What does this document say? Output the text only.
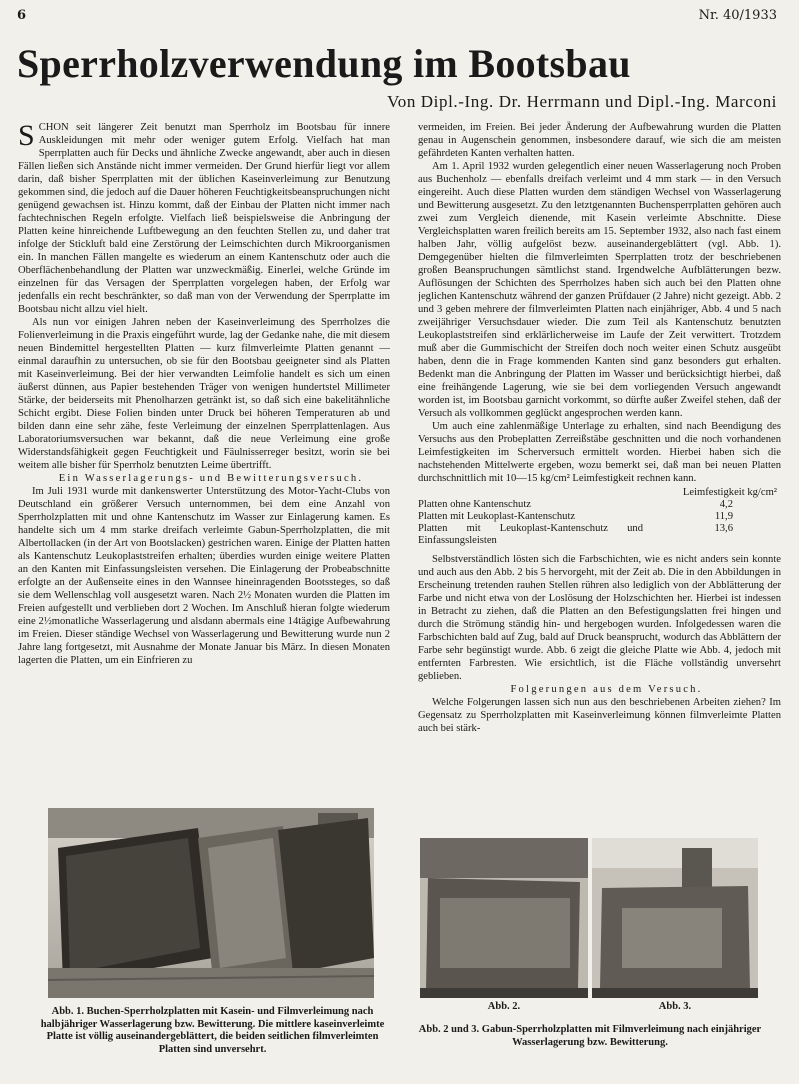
6	Nr. 40/1933
Sperrholzverwendung im Bootsbau
Von Dipl.-Ing. Dr. Herrmann und Dipl.-Ing. Marconi

SCHON seit längerer Zeit benutzt man Sperrholz im Bootsbau für innere Auskleidungen mit mehr oder weniger gutem Erfolg. Vielfach hat man Sperrplatten auch für Decks und ähnliche Zwecke angewandt, aber auch in diesen Fällen ließen sich Anstände nicht immer vermeiden. Der Grund hierfür liegt vor allem darin, daß bisher Sperrplatten mit der üblichen Kaseinverleimung zur Benutzung gekommen sind, die jedoch auf die Dauer höheren Feuchtigkeitsbeanspruchungen nicht genügend gewachsen ist. Hinzu kommt, daß der Einbau der Platten nicht immer nach fachtechnischen Regeln erfolgte. Vielfach ließ beispielsweise die Anbringung der Platten keine hinreichende Luftbewegung an den feuchten Stellen zu, und daher trat infolge der Stickluft bald eine Zerstörung der Leimschichten durch Mikroorganismen ein. In manchen Fällen mangelte es wiederum an einem Kantenschutz oder auch die Oberflächenbehandlung der Platten war unzweckmäßig. Einerlei, welche Gründe im einzelnen für das Versagen der Sperrplatten vorgelegen haben, der Erfolg war jedenfalls ein recht beschränkter, so daß man von der Verwendung der Sperrplatte im Bootsbau nicht allzu viel hielt.

Als nun vor einigen Jahren neben der Kaseinverleimung des Sperrholzes die Folienverleimung in die Praxis eingeführt wurde, lag der Gedanke nahe, die mit diesem neuen Bindemittel hergestellten Platten — kurz filmverleimte Platten genannt — einmal daraufhin zu untersuchen, ob sie für den Bootsbau geeigneter sind als Platten mit Kaseinverleimung. Bei der hier verwandten Leimfolie handelt es sich um einen äußerst dünnen, aus Papier bestehenden Träger von wenigen hundertstel Millimeter Stärke, der beiderseits mit Phenolharzen getränkt ist, so daß sich eine bakelitähnliche Schicht ergibt. Diese Folien binden unter Druck bei höheren Temperaturen ab und bilden dann eine sehr zähe, feste Verleimung der einzelnen Sperrplattenlagen. Aus Laboratoriumsversuchen war bekannt, daß die neue Verleimung eine große Widerstandsfähigkeit gegen Feuchtigkeit und Fäulnisserreger besitzt, worin sie bei weitem alle bisher für Sperrholz benutzten Leime übertrifft.

Ein Wasserlagerungs- und Bewitterungsversuch.

Im Juli 1931 wurde mit dankenswerter Unterstützung des Motor-Yacht-Clubs von Deutschland ein größerer Versuch unternommen, bei dem eine Anzahl von Sperrholzplatten mit und ohne Kantenschutz im Wasser zur Einlagerung kamen. Es handelte sich um 4 mm starke dreifach verleimte Gabun-Sperrholzplatten, die mit Albertollacken (in der Art von Bootslacken) gestrichen waren. Einige der Platten hatten als Kantenschutz Leukoplaststreifen erhalten; überdies wurden einige weitere Platten an den Kanten mit Einfassungsleisten versehen. Die Einlagerung der Probeabschnitte erfolgte an der Außenseite eines in den Wannsee hineinragenden Bootssteges, so daß sie dem Wellenschlag voll ausgesetzt waren. Nach 2½ Monaten wurden die Platten im Freien aufgestellt und verblieben dort 2 Wochen. Im Anschluß hieran folgte wiederum eine 2½monatliche Wasserlagerung und alsdann abermals eine 14tägige Aufbewahrung im Freien. Dieser ständige Wechsel von Wasserlagerung und Bewitterung wurde nun 2 Jahre lang fortgesetzt, mit Ausnahme der Monate Januar bis März. In diesen Monaten lagerten die Platten, um ein Einfrieren zu

vermeiden, im Freien. Bei jeder Änderung der Aufbewahrung wurden die Platten genau in Augenschein genommen, insbesondere darauf, wie sich die am meisten gefährdeten Kanten verhalten hatten.

Am 1. April 1932 wurden gelegentlich einer neuen Wasserlagerung noch Proben aus Buchenholz — ebenfalls dreifach verleimt und 4 mm stark — in den Versuch eingereiht. Auch diese Platten wurden dem ständigen Wechsel von Wasserlagerung und Bewitterung ausgesetzt. Zu den letztgenannten Buchensperrplatten gehören auch zwei zum Vergleich dienende, mit Kasein verleimte Abschnitte. Diese Vergleichsplatten waren freilich bereits am 15. September 1932, also nach fast einem halben Jahr, völlig aufgelöst bezw. auseinandergeblättert (vgl. Abb. 1). Demgegenüber hielten die filmverleimten Sperrplatten trotz der beschriebenen großen Beanspruchungen sämtlichst stand. Irgendwelche Aufblätterungen bezw. Auflösungen der Schichten des Sperrholzes haben sich auch bei den Platten ohne jeglichen Kantenschutz während der ganzen Prüfdauer (2 Jahre) nicht gezeigt. Abb. 2 und 3 geben mehrere der filmverleimten Platten nach einjähriger, Abb. 4 und 5 nach zweijähriger Versuchsdauer wieder. Die zum Teil als Kantenschutz benutzten Leukoplaststreifen sind erklärlicherweise im Laufe der Zeit verwittert. Trotzdem muß aber die Gummischicht der Streifen doch noch weiter einen Schutz ausgeübt haben, denn die in Frage kommenden Kanten sind ganz besonders gut erhalten. Bedenkt man die Anbringung der Platten im Wasser und berücksichtigt hierbei, daß eine freihängende Lagerung, wie sie bei dem vorliegenden Versuch angewandt worden ist, im Bootsbau garnicht vorkommt, so dürfte außer Zweifel stehen, daß der Versuch als vollkommen geglückt angesprochen werden kann.

Um auch eine zahlenmäßige Unterlage zu erhalten, sind nach Beendigung des Versuchs aus den Probeplatten Zerreißstäbe geschnitten und die noch vorhandenen Leimfestigkeiten im Scherversuch ermittelt worden. Hierbei haben sich die nachstehenden Mittelwerte ergeben, wozu bemerkt sei, daß man bei neuen Platten durchschnittlich mit 10—15 kg/cm² Leimfestigkeit rechnen kann.

	Leimfestigkeit kg/cm²
Platten ohne Kantenschutz	4,2
Platten mit Leukoplast-Kantenschutz	11,9
Platten mit Leukoplast-Kantenschutz und Einfassungsleisten	13,6

Selbstverständlich lösten sich die Farbschichten, wie es nicht anders sein konnte und auch aus den Abb. 2 bis 5 hervorgeht, mit der Zeit ab. Die in den Abbildungen in Erscheinung tretenden rauhen Stellen rühren also lediglich von der Abblätterung der Farbe und nicht etwa von der Loslösung der Holzschichten her. Hierbei ist indessen in Betracht zu ziehen, daß die Platten an den Befestigungslatten frei hingen und durch die Strömung ständig hin- und hergebogen wurden. Infolgedessen waren die Farbschichten bald auf Zug, bald auf Druck beansprucht, wodurch das Abblättern der Farbe sehr begünstigt wurde. Abb. 6 zeigt die gleiche Platte wie Abb. 4, jedoch mit entfernten Farbresten. Wie ersichtlich, ist die Fläche vollständig unversehrt geblieben.

Folgerungen aus dem Versuch.

Welche Folgerungen lassen sich nun aus den beschriebenen Arbeiten ziehen? Im Gegensatz zu Sperrholzplatten mit Kaseinverleimung können filmverleimte Platten auch bei stärk-

Abb. 1. Buchen-Sperrholzplatten mit Kasein- und Filmverleimung nach halbjähriger Wasserlagerung bzw. Bewitterung. Die mittlere kaseinverleimte Platte ist völlig auseinandergeblättert, die beiden seitlichen filmverleimten Platten sind unversehrt.
Abb. 2.	Abb. 3.
Abb. 2 und 3. Gabun-Sperrholzplatten mit Filmverleimung nach einjähriger Wasserlagerung bzw. Bewitterung.
